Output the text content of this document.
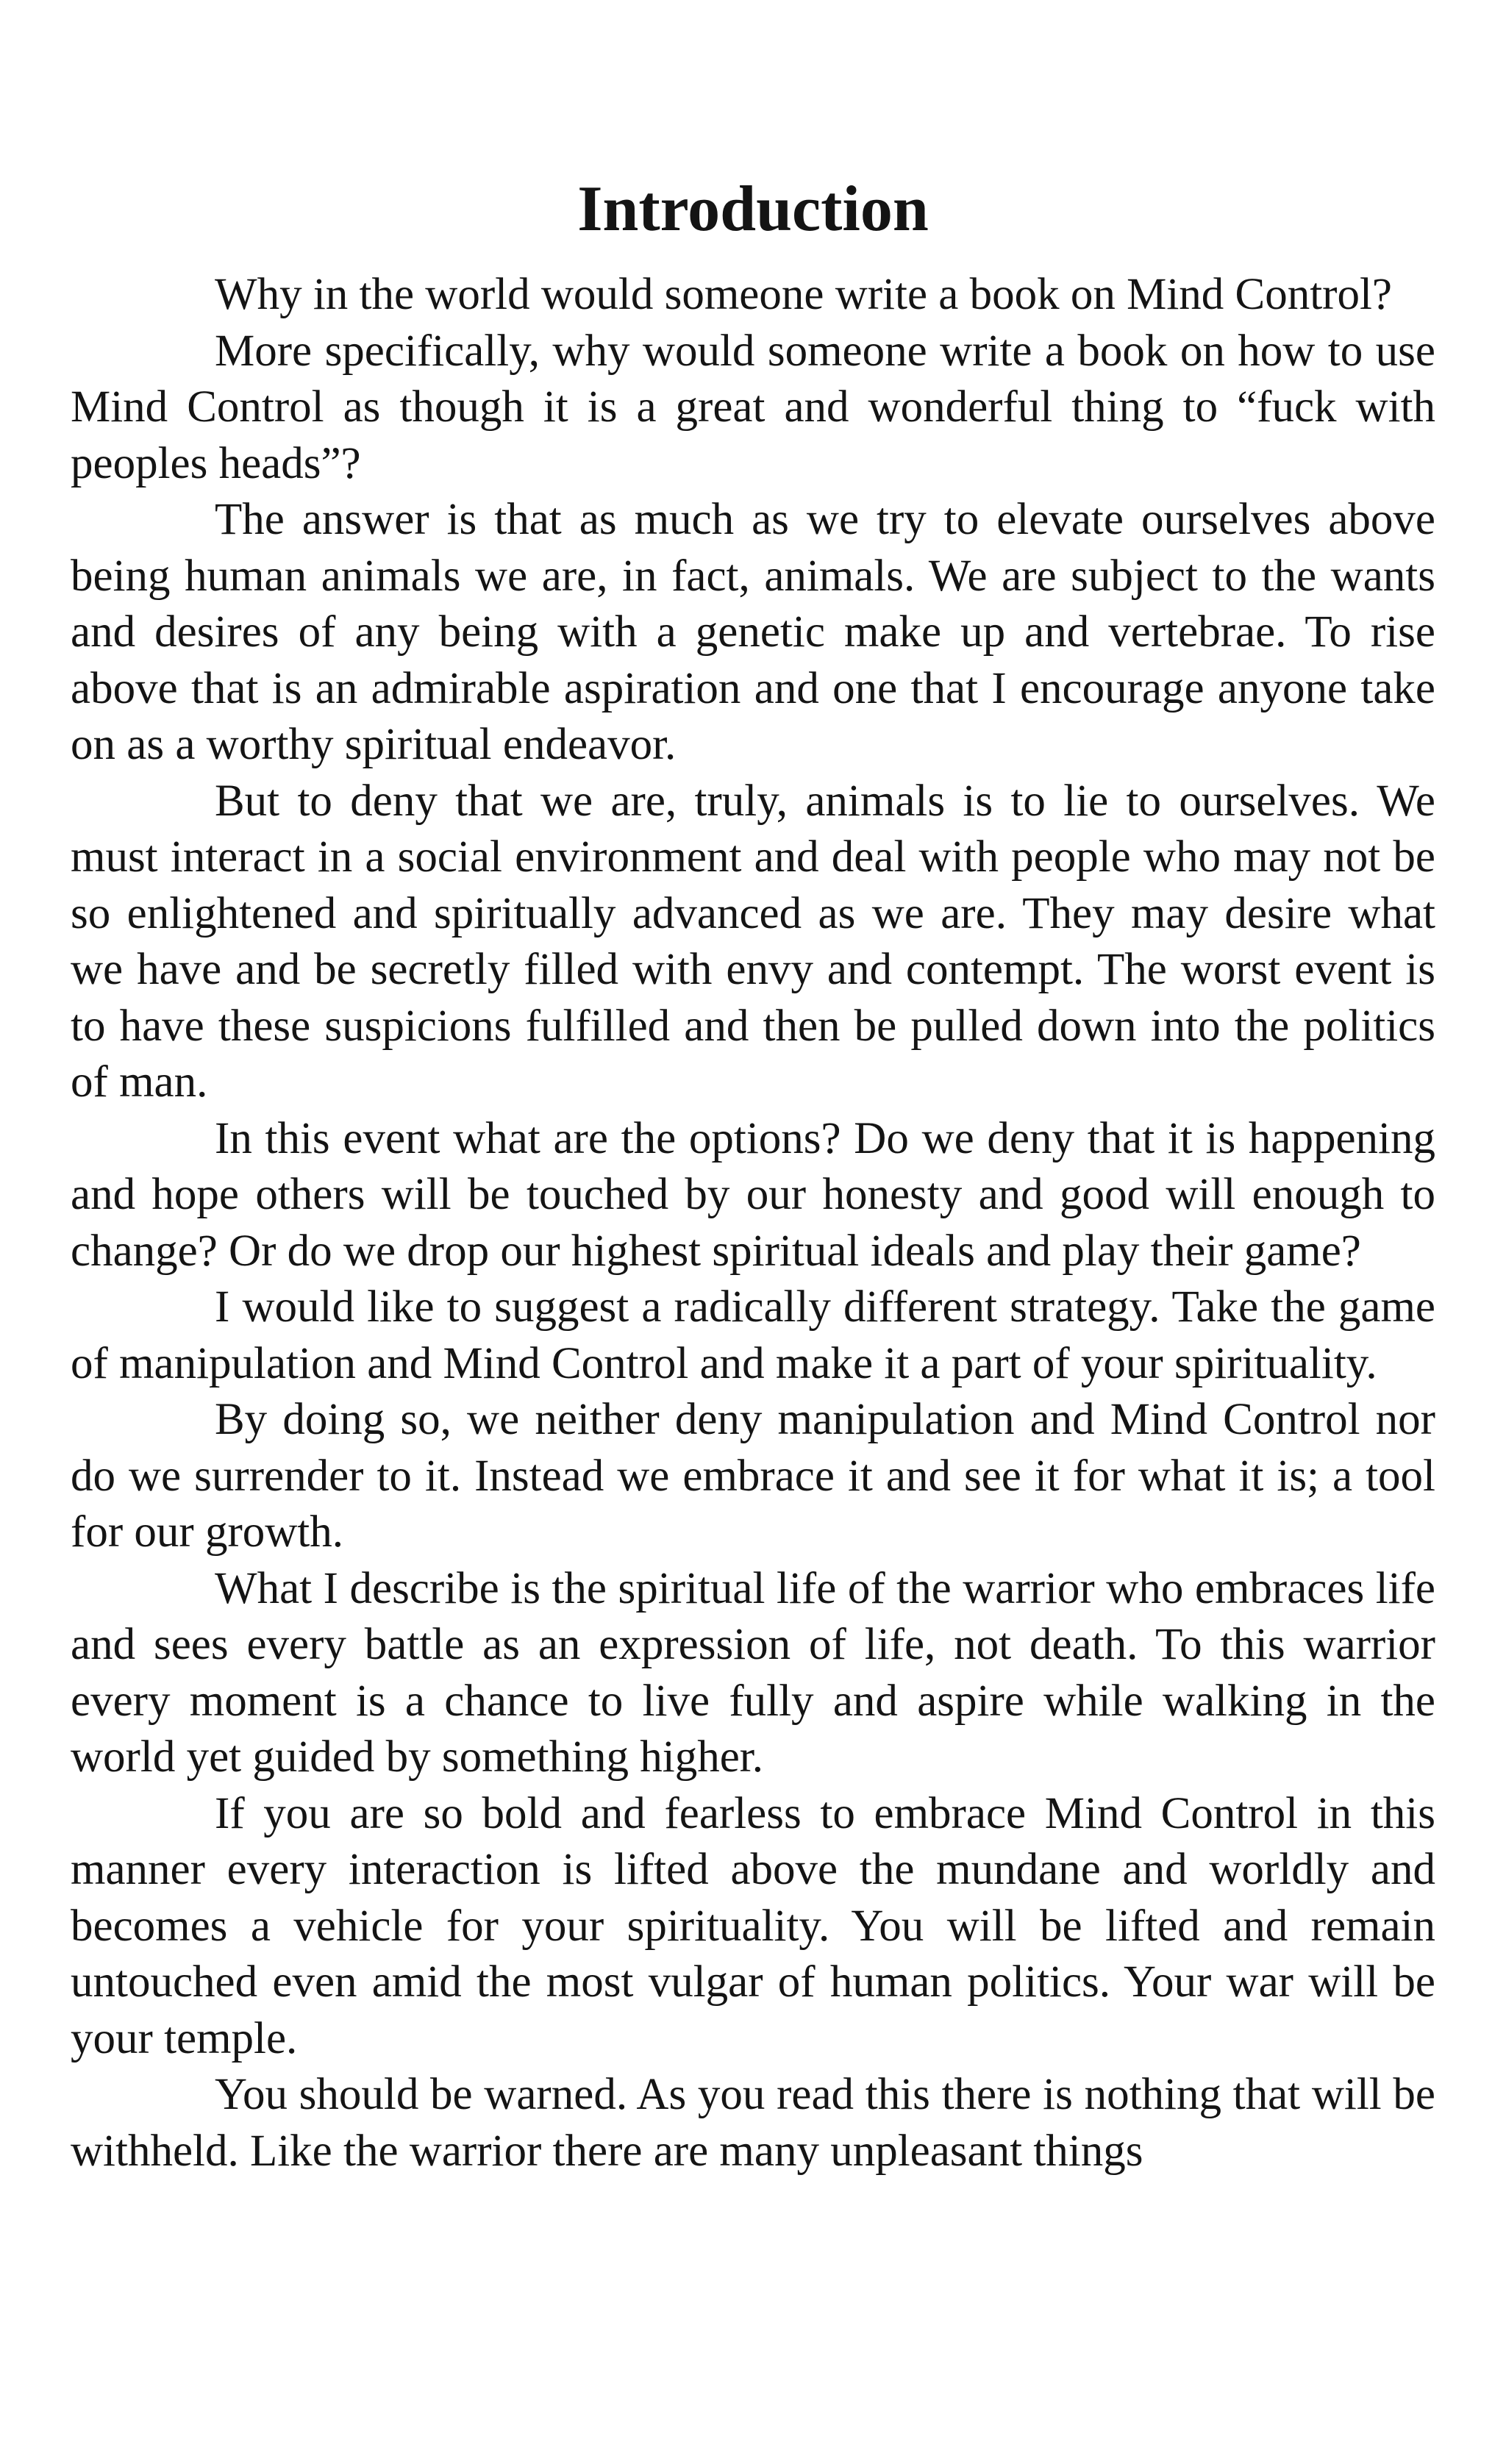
Introduction

Why in the world would someone write a book on Mind Control?

More specifically, why would someone write a book on how to use Mind Control as though it is a great and wonderful thing to “fuck with peoples heads”?

The answer is that as much as we try to elevate ourselves above being human animals we are, in fact, animals. We are subject to the wants and desires of any being with a genetic make up and vertebrae. To rise above that is an admirable aspiration and one that I encourage anyone take on as a worthy spiritual endeavor.

But to deny that we are, truly, animals is to lie to ourselves. We must interact in a social environment and deal with people who may not be so enlightened and spiritually advanced as we are. They may desire what we have and be secretly filled with envy and contempt. The worst event is to have these suspicions fulfilled and then be pulled down into the politics of man.

In this event what are the options? Do we deny that it is happening and hope others will be touched by our honesty and good will enough to change? Or do we drop our highest spiritual ideals and play their game?

I would like to suggest a radically different strategy. Take the game of manipulation and Mind Control and make it a part of your spirituality.

By doing so, we neither deny manipulation and Mind Control nor do we surrender to it. Instead we embrace it and see it for what it is; a tool for our growth.

What I describe is the spiritual life of the warrior who embraces life and sees every battle as an expression of life, not death. To this warrior every moment is a chance to live fully and aspire while walking in the world yet guided by something higher.

If you are so bold and fearless to embrace Mind Control in this manner every interaction is lifted above the mundane and worldly and becomes a vehicle for your spirituality. You will be lifted and remain untouched even amid the most vulgar of human politics. Your war will be your temple.

You should be warned. As you read this there is nothing that will be withheld. Like the warrior there are many unpleasant things
